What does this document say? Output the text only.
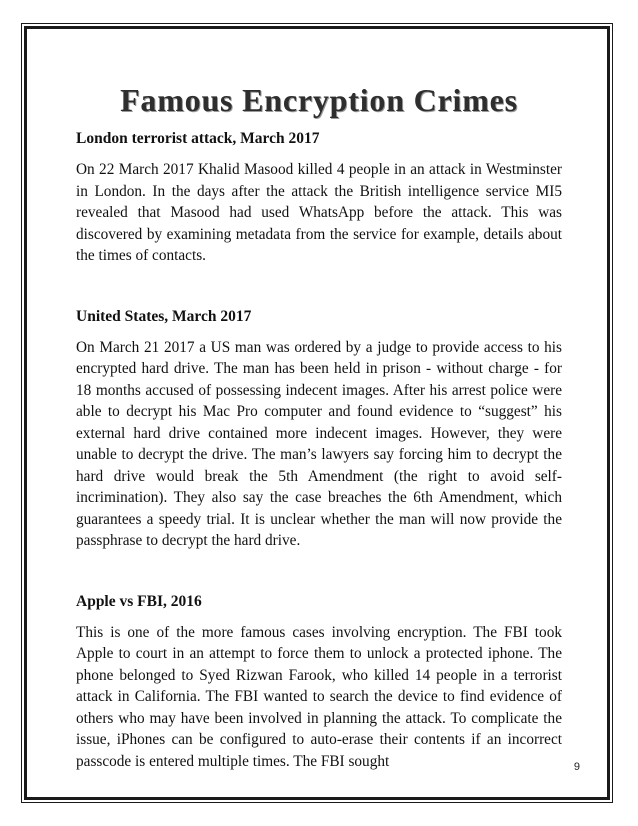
Famous Encryption Crimes

London terrorist attack, March 2017

On 22 March 2017 Khalid Masood killed 4 people in an attack in Westminster in London. In the days after the attack the British intelligence service MI5 revealed that Masood had used WhatsApp before the attack. This was discovered by examining metadata from the service for example, details about the times of contacts.

United States, March 2017

On March 21 2017 a US man was ordered by a judge to provide access to his encrypted hard drive. The man has been held in prison - without charge - for 18 months accused of possessing indecent images. After his arrest police were able to decrypt his Mac Pro computer and found evidence to “suggest” his external hard drive contained more indecent images. However, they were unable to decrypt the drive. The man’s lawyers say forcing him to decrypt the hard drive would break the 5th Amendment (the right to avoid self-incrimination). They also say the case breaches the 6th Amendment, which guarantees a speedy trial. It is unclear whether the man will now provide the passphrase to decrypt the hard drive.

Apple vs FBI, 2016

This is one of the more famous cases involving encryption. The FBI took Apple to court in an attempt to force them to unlock a protected iphone. The phone belonged to Syed Rizwan Farook, who killed 14 people in a terrorist attack in California. The FBI wanted to search the device to find evidence of others who may have been involved in planning the attack. To complicate the issue, iPhones can be configured to auto-erase their contents if an incorrect passcode is entered multiple times. The FBI sought	9
